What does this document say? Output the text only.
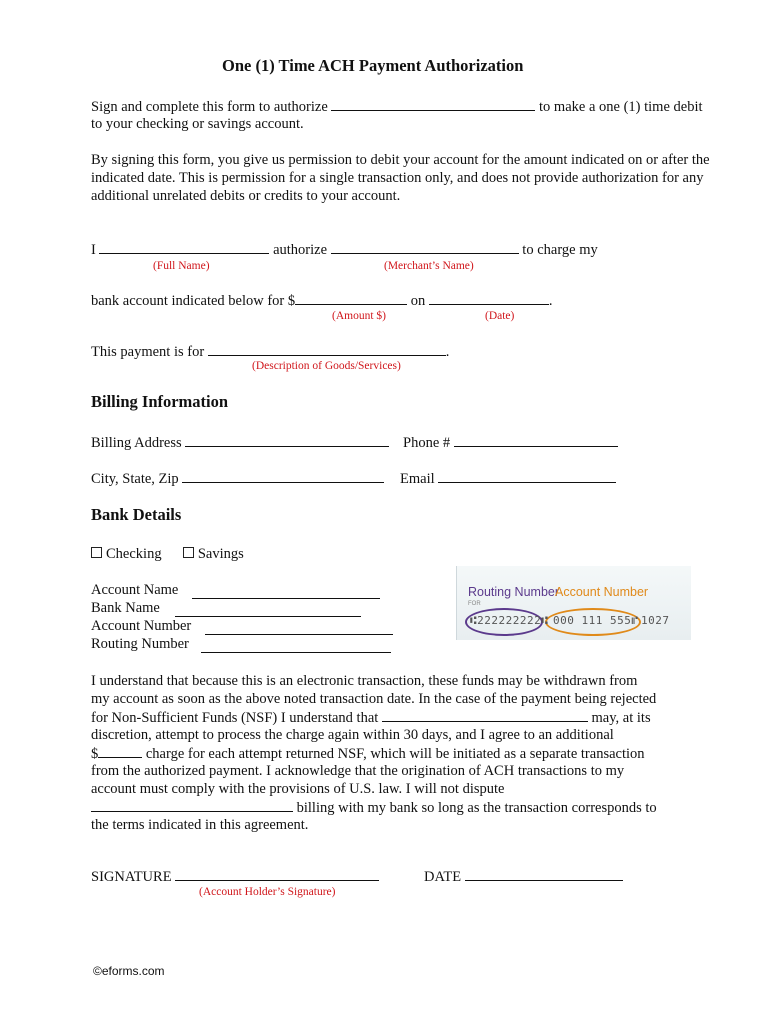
One (1) Time ACH Payment Authorization
Sign and complete this form to authorize	to make a one (1) time debit
to your checking or savings account.
By signing this form, you give us permission to debit your account for the amount indicated on or after the indicated date. This is permission for a single transaction only, and does not provide authorization for any additional unrelated debits or credits to your account.
I	authorize	to charge my
(Full Name)	(Merchant’s Name)
bank account indicated below for $	on	.
(Amount $)	(Date)
This payment is for	.
(Description of Goods/Services)
Billing Information
Billing Address	Phone #
City, State, Zip	Email
Bank Details
Checking	Savings
Account Name
Bank Name
Account Number
Routing Number
Routing Number
Account Number
FOR
⑆222222222⑆ 000 111 555⑈ 1027
I understand that because this is an electronic transaction, these funds may be withdrawn from
my account as soon as the above noted transaction date. In the case of the payment being rejected
for Non-Sufficient Funds (NSF) I understand that	may, at its
discretion, attempt to process the charge again within 30 days, and I agree to an additional
$	charge for each attempt returned NSF, which will be initiated as a separate transaction
from the authorized payment. I acknowledge that the origination of ACH transactions to my
account must comply with the provisions of U.S. law. I will not dispute
billing with my bank so long as the transaction corresponds to
the terms indicated in this agreement.
SIGNATURE
(Account Holder’s Signature)
DATE
©eforms.com
